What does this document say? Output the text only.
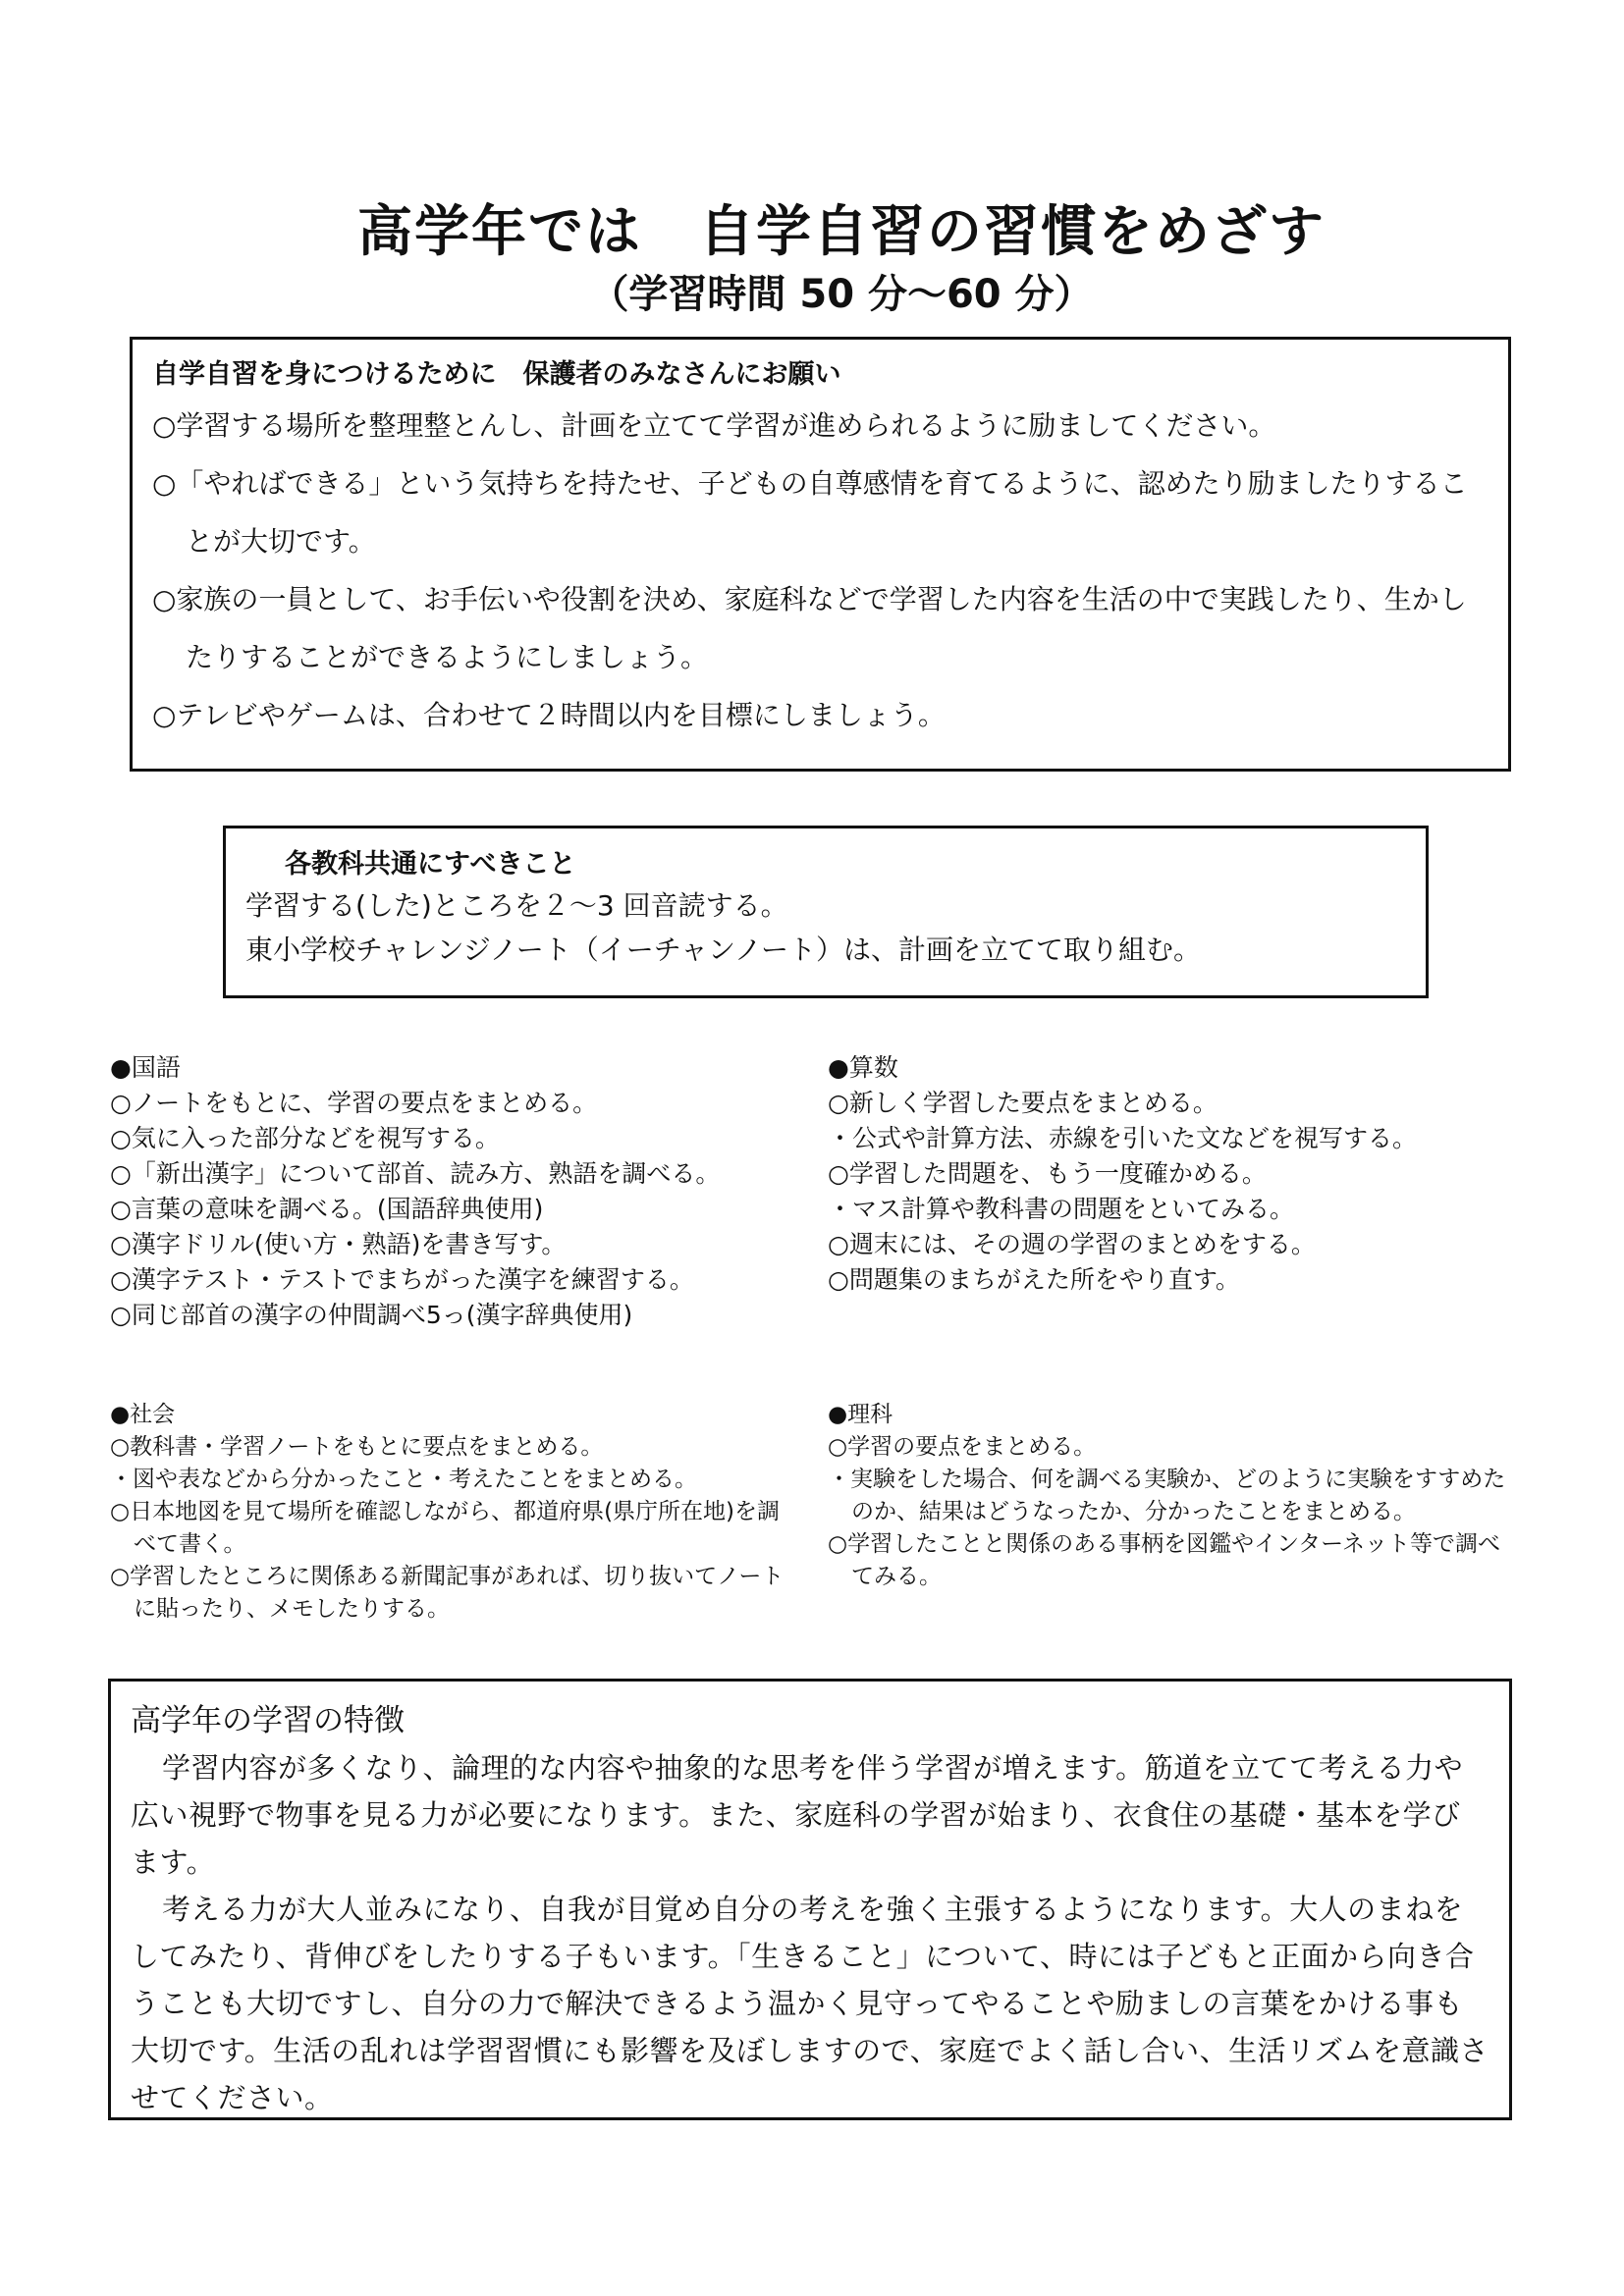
高学年では　自学自習の習慣をめざす
（学習時間 50 分～60 分）
自学自習を身につけるために　保護者のみなさんにお願い

○学習する場所を整理整とんし、計画を立てて学習が進められるように励ましてください。

○「やればできる」という気持ちを持たせ、子どもの自尊感情を育てるように、認めたり励ましたりすることが大切です。

○家族の一員として、お手伝いや役割を決め、家庭科などで学習した内容を生活の中で実践したり、生かしたりすることができるようにしましょう。

○テレビやゲームは、合わせて２時間以内を目標にしましょう。

各教科共通にすべきこと

学習する(した)ところを２～3 回音読する。

東小学校チャレンジノート（イーチャンノート）は、計画を立てて取り組む。

●国語

○ノートをもとに、学習の要点をまとめる。

○気に入った部分などを視写する。

○「新出漢字」について部首、読み方、熟語を調べる。

○言葉の意味を調べる。(国語辞典使用)

○漢字ドリル(使い方・熟語)を書き写す。

○漢字テスト・テストでまちがった漢字を練習する。

○同じ部首の漢字の仲間調べ5っ(漢字辞典使用)

●算数

○新しく学習した要点をまとめる。

・公式や計算方法、赤線を引いた文などを視写する。

○学習した問題を、もう一度確かめる。

・マス計算や教科書の問題をといてみる。

○週末には、その週の学習のまとめをする。

○問題集のまちがえた所をやり直す。

●社会

○教科書・学習ノートをもとに要点をまとめる。

・図や表などから分かったこと・考えたことをまとめる。

○日本地図を見て場所を確認しながら、都道府県(県庁所在地)を調べて書く。

○学習したところに関係ある新聞記事があれば、切り抜いてノートに貼ったり、メモしたりする。

●理科

○学習の要点をまとめる。

・実験をした場合、何を調べる実験か、どのように実験をすすめたのか、結果はどうなったか、分かったことをまとめる。

○学習したことと関係のある事柄を図鑑やインターネット等で調べてみる。

高学年の学習の特徴

学習内容が多くなり、論理的な内容や抽象的な思考を伴う学習が増えます。筋道を立てて考える力や広い視野で物事を見る力が必要になります。また、家庭科の学習が始まり、衣食住の基礎・基本を学びます。

考える力が大人並みになり、自我が目覚め自分の考えを強く主張するようになります。大人のまねをしてみたり、背伸びをしたりする子もいます。「生きること」について、時には子どもと正面から向き合うことも大切ですし、自分の力で解決できるよう温かく見守ってやることや励ましの言葉をかける事も大切です。生活の乱れは学習習慣にも影響を及ぼしますので、家庭でよく話し合い、生活リズムを意識させてください。
